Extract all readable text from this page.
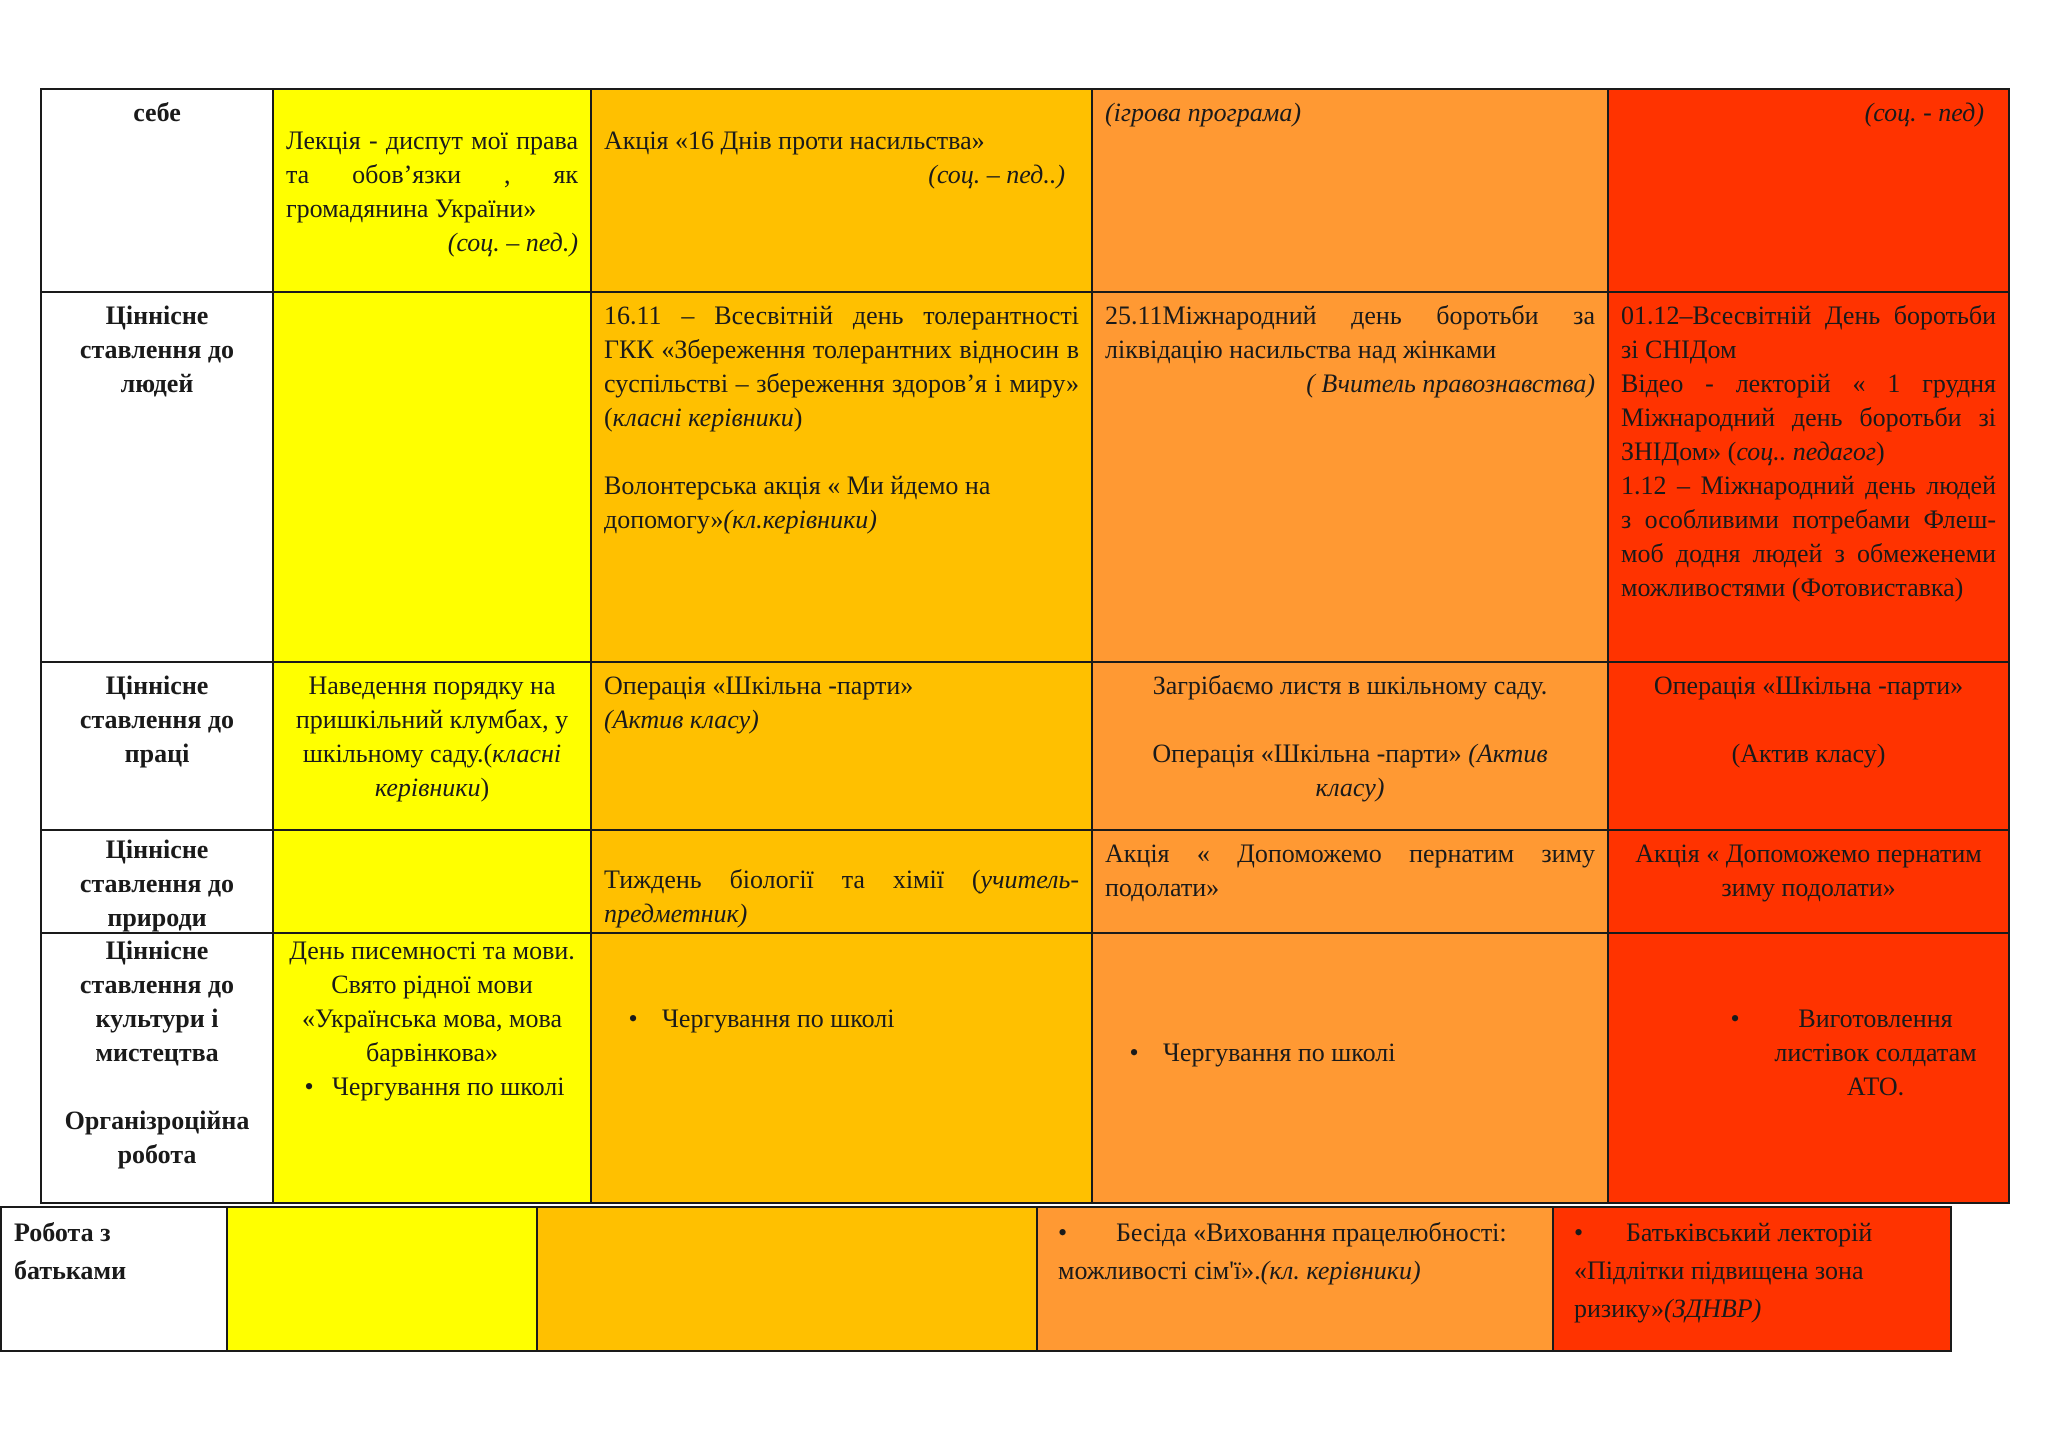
себе

Лекція - диспут мої права та обов’язки , як громадянина України»

(соц. – пед.)

Акція «16 Днів проти насильства»

(соц. – пед..)

(ігрова програма)	(соц. - пед)

Ціннісне ставлення до людей

16.11 – Всесвітній день толерантності ГКК «Збереження толерантних відносин в суспільстві – збереження здоров’я і миру» (класні керівники)

Волонтерська акція « Ми йдемо на допомогу»(кл.керівники)

25.11Міжнародний день боротьби за ліквідацію насильства над жінками

( Вчитель правознавства)

01.12–Всесвітній День боротьби зі СНІДом

Відео - лекторій « 1 грудня Міжнародний день боротьби зі ЗНІДом» (соц.. педагог)

1.12 – Міжнародний день людей з особливими потребами Флеш-моб додня людей з обмеженеми можливостями (Фотовиставка)

Ціннісне ставлення до праці

Наведення порядку на пришкільний клумбах, у шкільному саду.(класні керівники)

Операція «Шкільна -парти»

(Актив класу)

Загрібаємо листя в шкільному саду.

Операція «Шкільна -парти» (Актив класу)

Операція «Шкільна -парти»

(Актив класу)

Ціннісне ставлення до природи

Тиждень біології та хімії (учитель-предметник)

Акція « Допоможемо пернатим зиму подолати»

Акція « Допоможемо пернатим зиму подолати»

Ціннісне ставлення до культури і мистецтва

Організроційна робота

День писемності та мови. Свято рідної мови «Українська мова, мова барвінкова»

• Чергування по школі
• Чергування по школі
• Чергування по школі
•	Виготовлення листівок солдатам АТО.
Робота з батьками
• Бесіда «Виховання працелюбності: можливості сім'ї».(кл. керівники)
• Батьківський лекторій «Підлітки підвищена зона ризику»(ЗДНВР)
